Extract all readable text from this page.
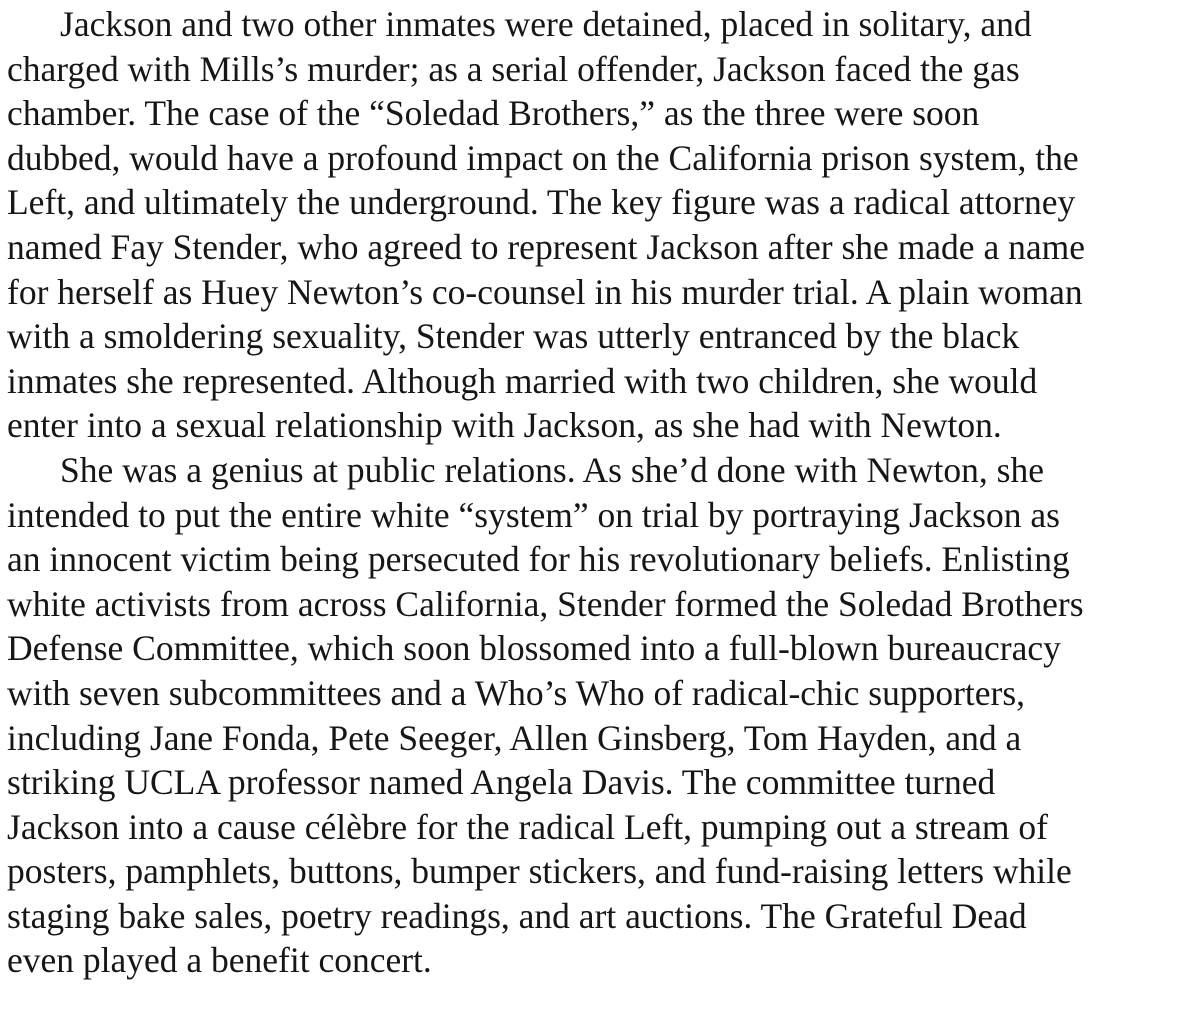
Jackson and two other inmates were detained, placed in solitary, and
charged with Mills’s murder; as a serial offender, Jackson faced the gas
chamber. The case of the “Soledad Brothers,” as the three were soon
dubbed, would have a profound impact on the California prison system, the
Left, and ultimately the underground. The key figure was a radical attorney
named Fay Stender, who agreed to represent Jackson after she made a name
for herself as Huey Newton’s co-counsel in his murder trial. A plain woman
with a smoldering sexuality, Stender was utterly entranced by the black
inmates she represented. Although married with two children, she would
enter into a sexual relationship with Jackson, as she had with Newton.
She was a genius at public relations. As she’d done with Newton, she
intended to put the entire white “system” on trial by portraying Jackson as
an innocent victim being persecuted for his revolutionary beliefs. Enlisting
white activists from across California, Stender formed the Soledad Brothers
Defense Committee, which soon blossomed into a full-blown bureaucracy
with seven subcommittees and a Who’s Who of radical-chic supporters,
including Jane Fonda, Pete Seeger, Allen Ginsberg, Tom Hayden, and a
striking UCLA professor named Angela Davis. The committee turned
Jackson into a cause célèbre for the radical Left, pumping out a stream of
posters, pamphlets, buttons, bumper stickers, and fund-raising letters while
staging bake sales, poetry readings, and art auctions. The Grateful Dead
even played a benefit concert.
